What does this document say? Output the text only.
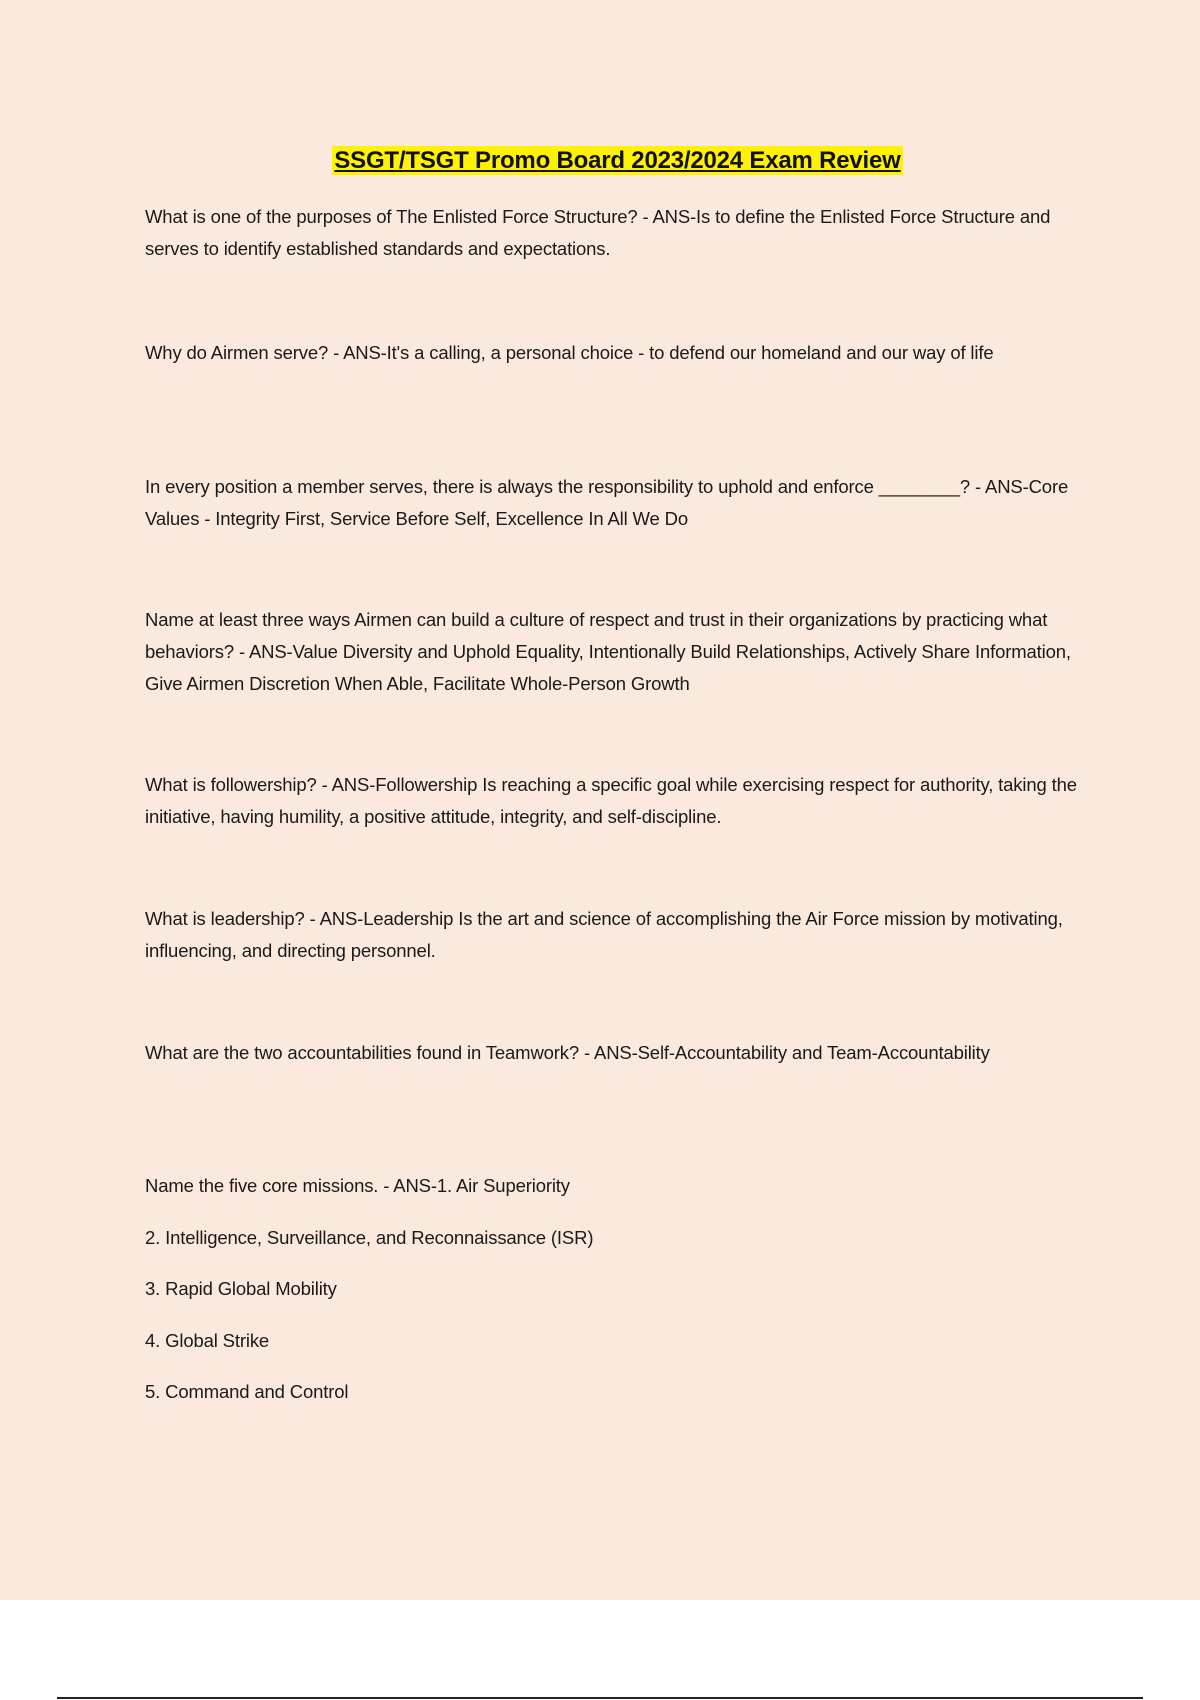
SSGT/TSGT Promo Board 2023/2024 Exam Review

What is one of the purposes of The Enlisted Force Structure? - ANS-Is to define the Enlisted Force Structure and serves to identify established standards and expectations.

Why do Airmen serve? - ANS-It's a calling, a personal choice - to defend our homeland and our way of life

In every position a member serves, there is always the responsibility to uphold and enforce ________? - ANS-Core Values - Integrity First, Service Before Self, Excellence In All We Do

Name at least three ways Airmen can build a culture of respect and trust in their organizations by practicing what behaviors? - ANS-Value Diversity and Uphold Equality, Intentionally Build Relationships, Actively Share Information, Give Airmen Discretion When Able, Facilitate Whole-Person Growth

What is followership? - ANS-Followership Is reaching a specific goal while exercising respect for authority, taking the initiative, having humility, a positive attitude, integrity, and self-discipline.

What is leadership? - ANS-Leadership Is the art and science of accomplishing the Air Force mission by motivating, influencing, and directing personnel.

What are the two accountabilities found in Teamwork? - ANS-Self-Accountability and Team-Accountability

Name the five core missions. - ANS-1. Air Superiority
2. Intelligence, Surveillance, and Reconnaissance (ISR)
3. Rapid Global Mobility
4. Global Strike
5. Command and Control
